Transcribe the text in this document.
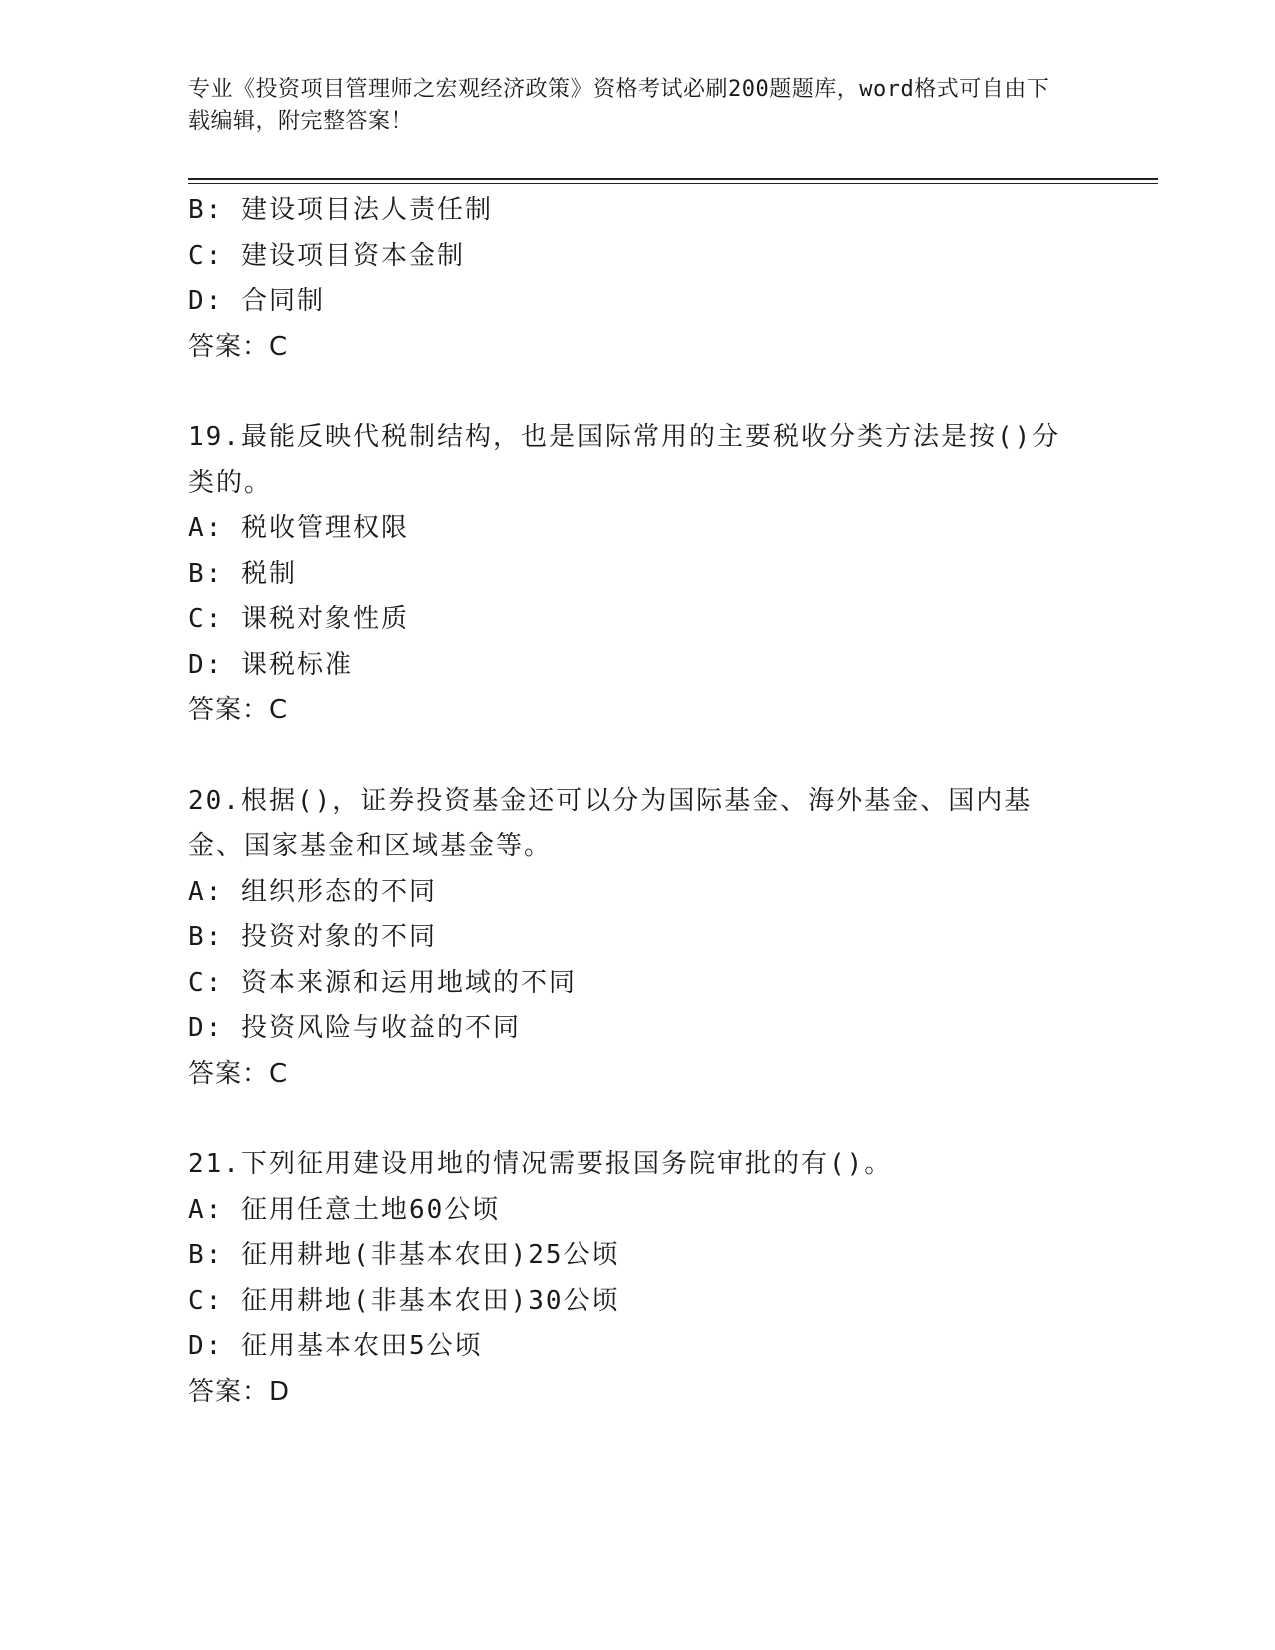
专业《投资项目管理师之宏观经济政策》资格考试必刷200题题库，word格式可自由下载编辑，附完整答案！
B: 建设项目法人责任制
C: 建设项目资本金制
D: 合同制
答案：C
19.最能反映代税制结构，也是国际常用的主要税收分类方法是按()分类的。
A: 税收管理权限
B: 税制
C: 课税对象性质
D: 课税标准
答案：C
20.根据()，证券投资基金还可以分为国际基金、海外基金、国内基金、国家基金和区域基金等。
A: 组织形态的不同
B: 投资对象的不同
C: 资本来源和运用地域的不同
D: 投资风险与收益的不同
答案：C
21.下列征用建设用地的情况需要报国务院审批的有()。
A: 征用任意土地60公顷
B: 征用耕地(非基本农田)25公顷
C: 征用耕地(非基本农田)30公顷
D: 征用基本农田5公顷
答案：D
